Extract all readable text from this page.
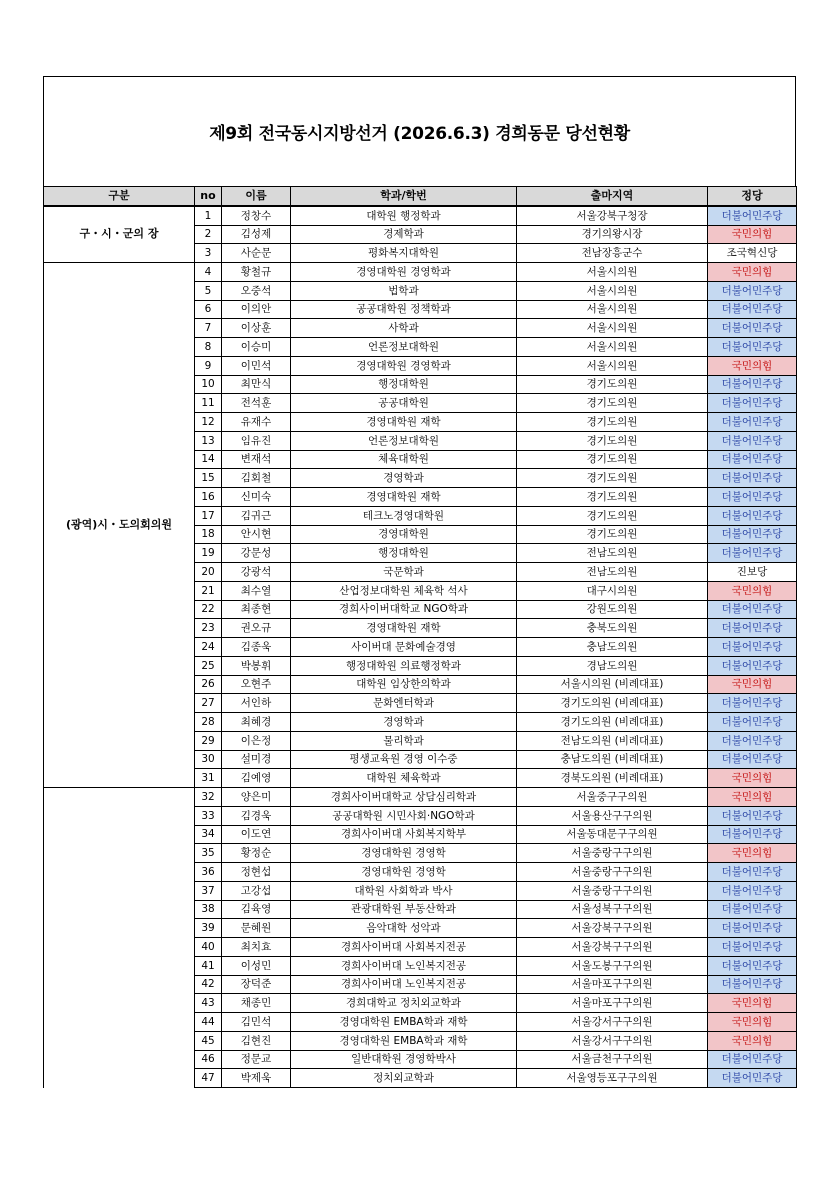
제9회 전국동시지방선거 (2026.6.3) 경희동문 당선현황
구분	no	이름	학과/학번	출마지역	정당
구・시・군의 장	1	정창수	대학원 행정학과	서울강북구청장	더불어민주당
	2	김성제	경제학과	경기의왕시장	국민의힘
	3	사순문	평화복지대학원	전남장흥군수	조국혁신당
(광역)시・도의회의원	4	황철규	경영대학원 경영학과	서울시의원	국민의힘
	5	오중석	법학과	서울시의원	더불어민주당
	6	이의안	공공대학원 정책학과	서울시의원	더불어민주당
	7	이상훈	사학과	서울시의원	더불어민주당
	8	이승미	언론정보대학원	서울시의원	더불어민주당
	9	이민석	경영대학원 경영학과	서울시의원	국민의힘
	10	최만식	행정대학원	경기도의원	더불어민주당
	11	전석훈	공공대학원	경기도의원	더불어민주당
	12	유재수	경영대학원 재학	경기도의원	더불어민주당
	13	임유진	언론정보대학원	경기도의원	더불어민주당
	14	변재석	체육대학원	경기도의원	더불어민주당
	15	김회철	경영학과	경기도의원	더불어민주당
	16	신미숙	경영대학원 재학	경기도의원	더불어민주당
	17	김귀근	테크노경영대학원	경기도의원	더불어민주당
	18	안시현	경영대학원	경기도의원	더불어민주당
	19	강문성	행정대학원	전남도의원	더불어민주당
	20	강광석	국문학과	전남도의원	진보당
	21	최수열	산업정보대학원 체육학 석사	대구시의원	국민의힘
	22	최종현	경희사이버대학교 NGO학과	강원도의원	더불어민주당
	23	권오규	경영대학원 재학	충북도의원	더불어민주당
	24	김종욱	사이버대 문화예술경영	충남도의원	더불어민주당
	25	박봉휘	행정대학원 의료행정학과	경남도의원	더불어민주당
	26	오현주	대학원 임상한의학과	서울시의원 (비례대표)	국민의힘
	27	서인하	문화엔터학과	경기도의원 (비례대표)	더불어민주당
	28	최혜경	경영학과	경기도의원 (비례대표)	더불어민주당
	29	이은정	물리학과	전남도의원 (비례대표)	더불어민주당
	30	설미경	평생교육원 경영 이수중	충남도의원 (비례대표)	더불어민주당
	31	김예영	대학원 체육학과	경북도의원 (비례대표)	국민의힘
	32	양은미	경희사이버대학교 상담심리학과	서울중구구의원	국민의힘
	33	김경욱	공공대학원 시민사회·NGO학과	서울용산구구의원	더불어민주당
	34	이도연	경희사이버대 사회복지학부	서울동대문구구의원	더불어민주당
	35	황정순	경영대학원 경영학	서울중랑구구의원	국민의힘
	36	정현섭	경영대학원 경영학	서울중랑구구의원	더불어민주당
	37	고강섭	대학원 사회학과 박사	서울중랑구구의원	더불어민주당
	38	김육영	관광대학원 부동산학과	서울성북구구의원	더불어민주당
	39	문혜원	음악대학 성악과	서울강북구구의원	더불어민주당
	40	최치효	경희사이버대 사회복지전공	서울강북구구의원	더불어민주당
	41	이성민	경희사이버대 노인복지전공	서울도봉구구의원	더불어민주당
	42	장덕준	경희사이버대 노인복지전공	서울마포구구의원	더불어민주당
	43	채종민	경희대학교 정치외교학과	서울마포구구의원	국민의힘
	44	김민석	경영대학원 EMBA학과 재학	서울강서구구의원	국민의힘
	45	김현진	경영대학원 EMBA학과 재학	서울강서구구의원	국민의힘
	46	정문교	일반대학원 경영학박사	서울금천구구의원	더불어민주당
	47	박제욱	정치외교학과	서울영등포구구의원	더불어민주당
